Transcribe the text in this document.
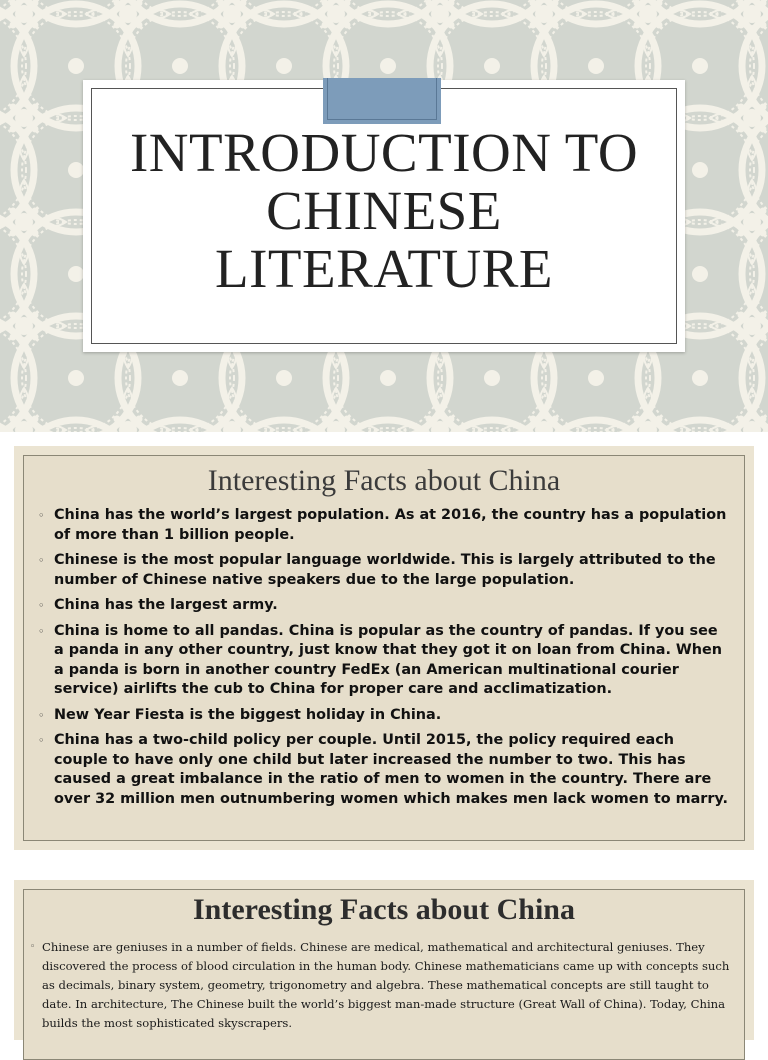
INTRODUCTION TO
CHINESE
LITERATURE
Interesting Facts about China
◦ China has the world’s largest population. As at 2016, the country has a population of more than 1 billion people.
◦ Chinese is the most popular language worldwide. This is largely attributed to the number of Chinese native speakers due to the large population.
◦ China has the largest army.
◦ China is home to all pandas. China is popular as the country of pandas. If you see a panda in any other country, just know that they got it on loan from China. When a panda is born in another country FedEx (an American multinational courier service) airlifts the cub to China for proper care and acclimatization.
◦ New Year Fiesta is the biggest holiday in China.
◦ China has a two-child policy per couple. Until 2015, the policy required each couple to have only one child but later increased the number to two. This has caused a great imbalance in the ratio of men to women in the country. There are over 32 million men outnumbering women which makes men lack women to marry.
Interesting Facts about China
◦ Chinese are geniuses in a number of fields. Chinese are medical, mathematical and architectural geniuses. They discovered the process of blood circulation in the human body. Chinese mathematicians came up with concepts such as decimals, binary system, geometry, trigonometry and algebra. These mathematical concepts are still taught to date. In architecture, The Chinese built the world’s biggest man-made structure (Great Wall of China). Today, China builds the most sophisticated skyscrapers.
